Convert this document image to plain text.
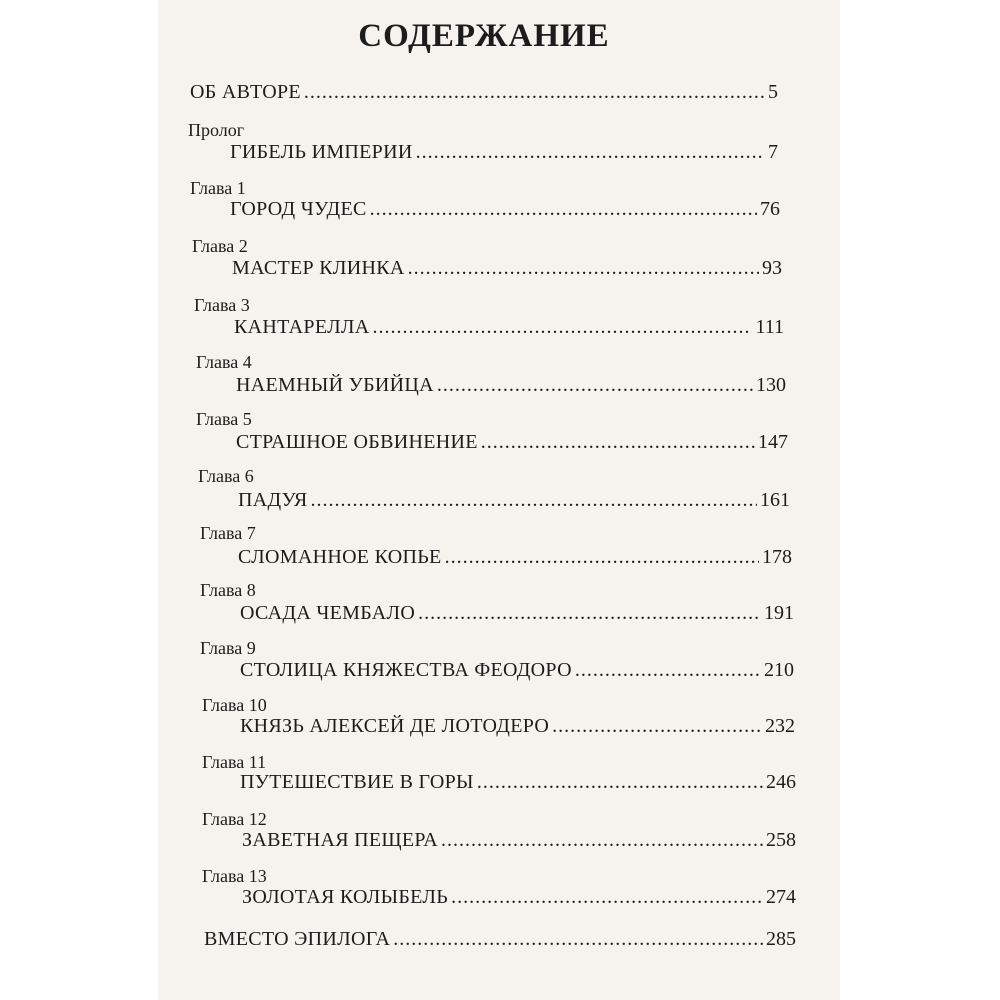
СОДЕРЖАНИЕ
ОБ АВТОРЕ .....	5
Пролог
ГИБЕЛЬ ИМПЕРИИ .....	7
Глава 1
ГОРОД ЧУДЕС .....	76
Глава 2
МАСТЕР КЛИНКА .....	93
Глава 3
КАНТАРЕЛЛА .....	111
Глава 4
НАЕМНЫЙ УБИЙЦА .....	130
Глава 5
СТРАШНОЕ ОБВИНЕНИЕ .....	147
Глава 6
ПАДУЯ .....	161
Глава 7
СЛОМАННОЕ КОПЬЕ .....	178
Глава 8
ОСАДА ЧЕМБАЛО .....	191
Глава 9
СТОЛИЦА КНЯЖЕСТВА ФЕОДОРО .....	210
Глава 10
КНЯЗЬ АЛЕКСЕЙ ДЕ ЛОТОДЕРО .....	232
Глава 11
ПУТЕШЕСТВИЕ В ГОРЫ .....	246
Глава 12
ЗАВЕТНАЯ ПЕЩЕРА .....	258
Глава 13
ЗОЛОТАЯ КОЛЫБЕЛЬ .....	274
ВМЕСТО ЭПИЛОГА .....	285
